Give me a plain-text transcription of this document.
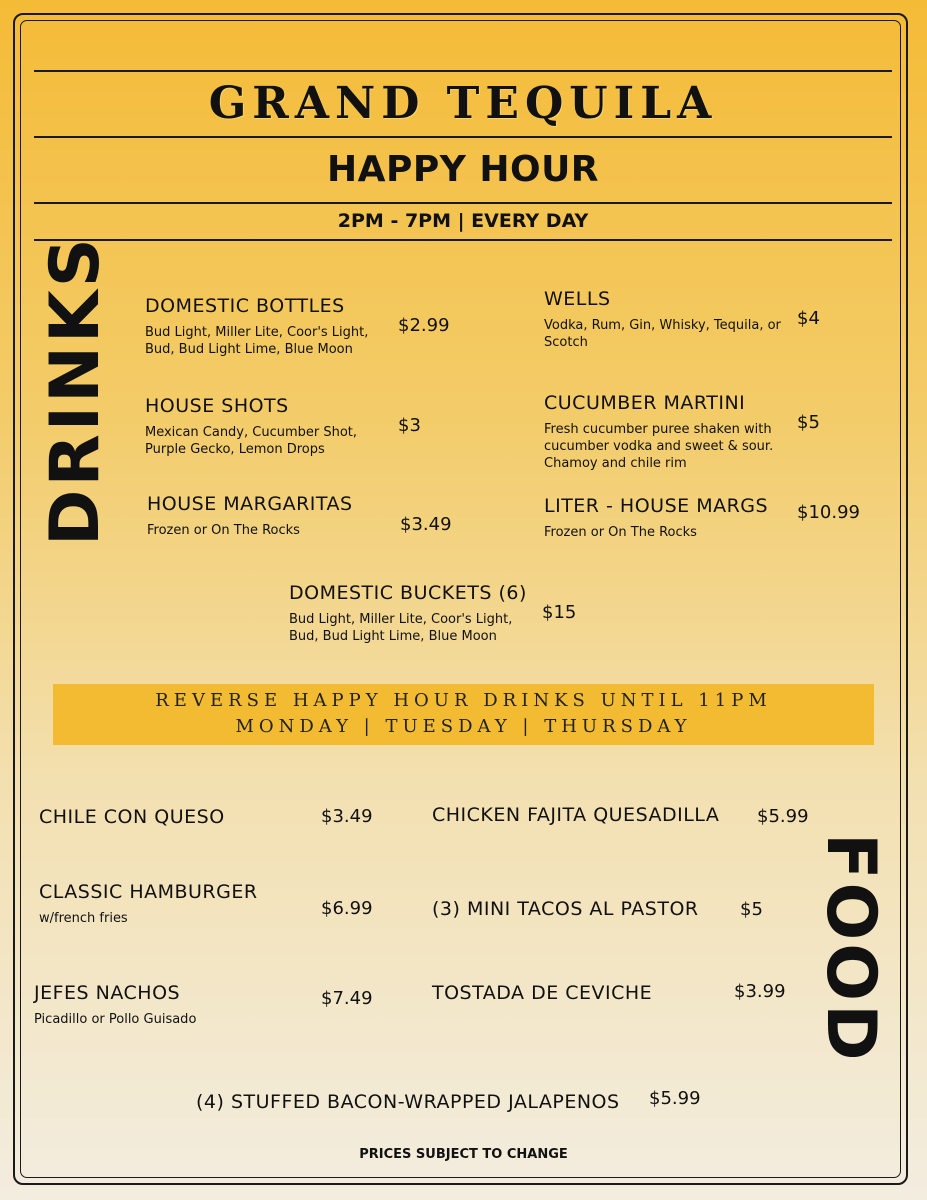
GRAND TEQUILA
HAPPY HOUR
2PM - 7PM | EVERY DAY
DRINKS DOMESTIC BOTTLES
Bud Light, Miller Lite, Coor's Light, Bud, Bud Light Lime, Blue Moon
$2.99
WELLS
Vodka, Rum, Gin, Whisky, Tequila, or Scotch
$4
HOUSE SHOTS
Mexican Candy, Cucumber Shot, Purple Gecko, Lemon Drops
$3
CUCUMBER MARTINI
Fresh cucumber puree shaken with cucumber vodka and sweet & sour. Chamoy and chile rim
$5
HOUSE MARGARITAS
Frozen or On The Rocks	$3.49
LITER - HOUSE MARGS
Frozen or On The Rocks
$10.99
DOMESTIC BUCKETS (6)
Bud Light, Miller Lite, Coor's Light, Bud, Bud Light Lime, Blue Moon
$15
REVERSE HAPPY HOUR DRINKS UNTIL 11PM
MONDAY | TUESDAY | THURSDAY
FOOD
CHILE CON QUESO	$3.49	CHICKEN FAJITA QUESADILLA $5.99
CLASSIC HAMBURGER
w/french fries	$6.99	(3) MINI TACOS AL PASTOR $5
JEFES NACHOS
Picadillo or Pollo Guisado
$7.49	TOSTADA DE CEVICHE	$3.99
(4) STUFFED BACON-WRAPPED JALAPENOS $5.99
PRICES SUBJECT TO CHANGE
